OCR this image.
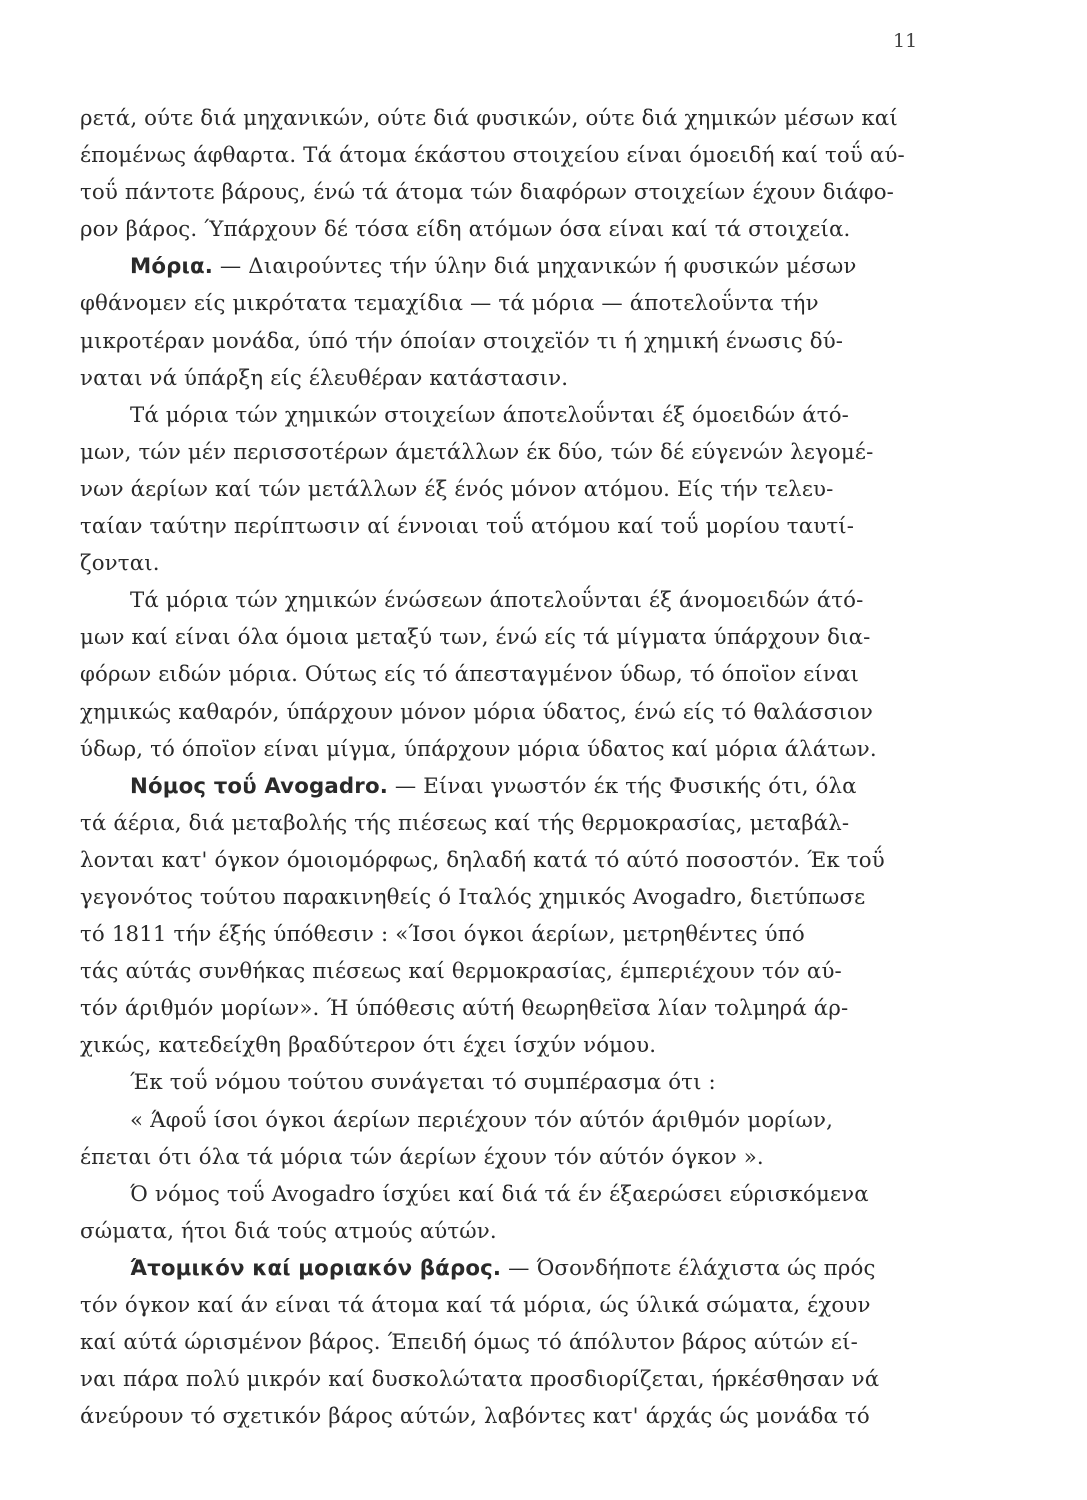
11
ρετά, ούτε διά μηχανικών, ούτε διά φυσικών, ούτε διά χημικών μέσων καί
έπομένως άφθαρτα. Τά άτομα έκάστου στοιχείου είναι όμοειδή καί τοΰ αύ-
τοΰ πάντοτε βάρους, ένώ τά άτομα τών διαφόρων στοιχείων έχουν διάφο-
ρον βάρος. Ύπάρχουν δέ τόσα είδη ατόμων όσα είναι καί τά στοιχεία.
Μόρια. — Διαιρούντες τήν ύλην διά μηχανικών ή φυσικών μέσων
φθάνομεν είς μικρότατα τεμαχίδια — τά μόρια — άποτελοΰντα τήν
μικροτέραν μονάδα, ύπό τήν όποίαν στοιχεϊόν τι ή χημική ένωσις δύ-
ναται νά ύπάρξη είς έλευθέραν κατάστασιν.
Τά μόρια τών χημικών στοιχείων άποτελοΰνται έξ όμοειδών άτό-
μων, τών μέν περισσοτέρων άμετάλλων έκ δύο, τών δέ εύγενών λεγομέ-
νων άερίων καί τών μετάλλων έξ ένός μόνον ατόμου. Είς τήν τελευ-
ταίαν ταύτην περίπτωσιν αί έννοιαι τοΰ ατόμου καί τοΰ μορίου ταυτί-
ζονται.
Τά μόρια τών χημικών ένώσεων άποτελοΰνται έξ άνομοειδών άτό-
μων καί είναι όλα όμοια μεταξύ των, ένώ είς τά μίγματα ύπάρχουν δια-
φόρων ειδών μόρια. Ούτως είς τό άπεσταγμένον ύδωρ, τό όποϊον είναι
χημικώς καθαρόν, ύπάρχουν μόνον μόρια ύδατος, ένώ είς τό θαλάσσιον
ύδωρ, τό όποϊον είναι μίγμα, ύπάρχουν μόρια ύδατος καί μόρια άλάτων.
Νόμος τοΰ Avogadro. — Είναι γνωστόν έκ τής Φυσικής ότι, όλα
τά άέρια, διά μεταβολής τής πιέσεως καί τής θερμοκρασίας, μεταβάλ-
λονται κατ' όγκον όμοιομόρφως, δηλαδή κατά τό αύτό ποσοστόν. Έκ τοΰ
γεγονότος τούτου παρακινηθείς ό Ιταλός χημικός Avogadro, διετύπωσε
τό 1811 τήν έξής ύπόθεσιν : «Ίσοι όγκοι άερίων, μετρηθέντες ύπό
τάς αύτάς συνθήκας πιέσεως καί θερμοκρασίας, έμπεριέχουν τόν αύ-
τόν άριθμόν μορίων». Ή ύπόθεσις αύτή θεωρηθεϊσα λίαν τολμηρά άρ-
χικώς, κατεδείχθη βραδύτερον ότι έχει ίσχύν νόμου.
Έκ τοΰ νόμου τούτου συνάγεται τό συμπέρασμα ότι :
« Άφοΰ ίσοι όγκοι άερίων περιέχουν τόν αύτόν άριθμόν μορίων,
έπεται ότι όλα τά μόρια τών άερίων έχουν τόν αύτόν όγκον ».
Ό νόμος τοΰ Avogadro ίσχύει καί διά τά έν έξαερώσει εύρισκόμενα
σώματα, ήτοι διά τούς ατμούς αύτών.
Άτομικόν καί μοριακόν βάρος. — Όσονδήποτε έλάχιστα ώς πρός
τόν όγκον καί άν είναι τά άτομα καί τά μόρια, ώς ύλικά σώματα, έχουν
καί αύτά ώρισμένον βάρος. Έπειδή όμως τό άπόλυτον βάρος αύτών εί-
ναι πάρα πολύ μικρόν καί δυσκολώτατα προσδιορίζεται, ήρκέσθησαν νά
άνεύρουν τό σχετικόν βάρος αύτών, λαβόντες κατ' άρχάς ώς μονάδα τό
